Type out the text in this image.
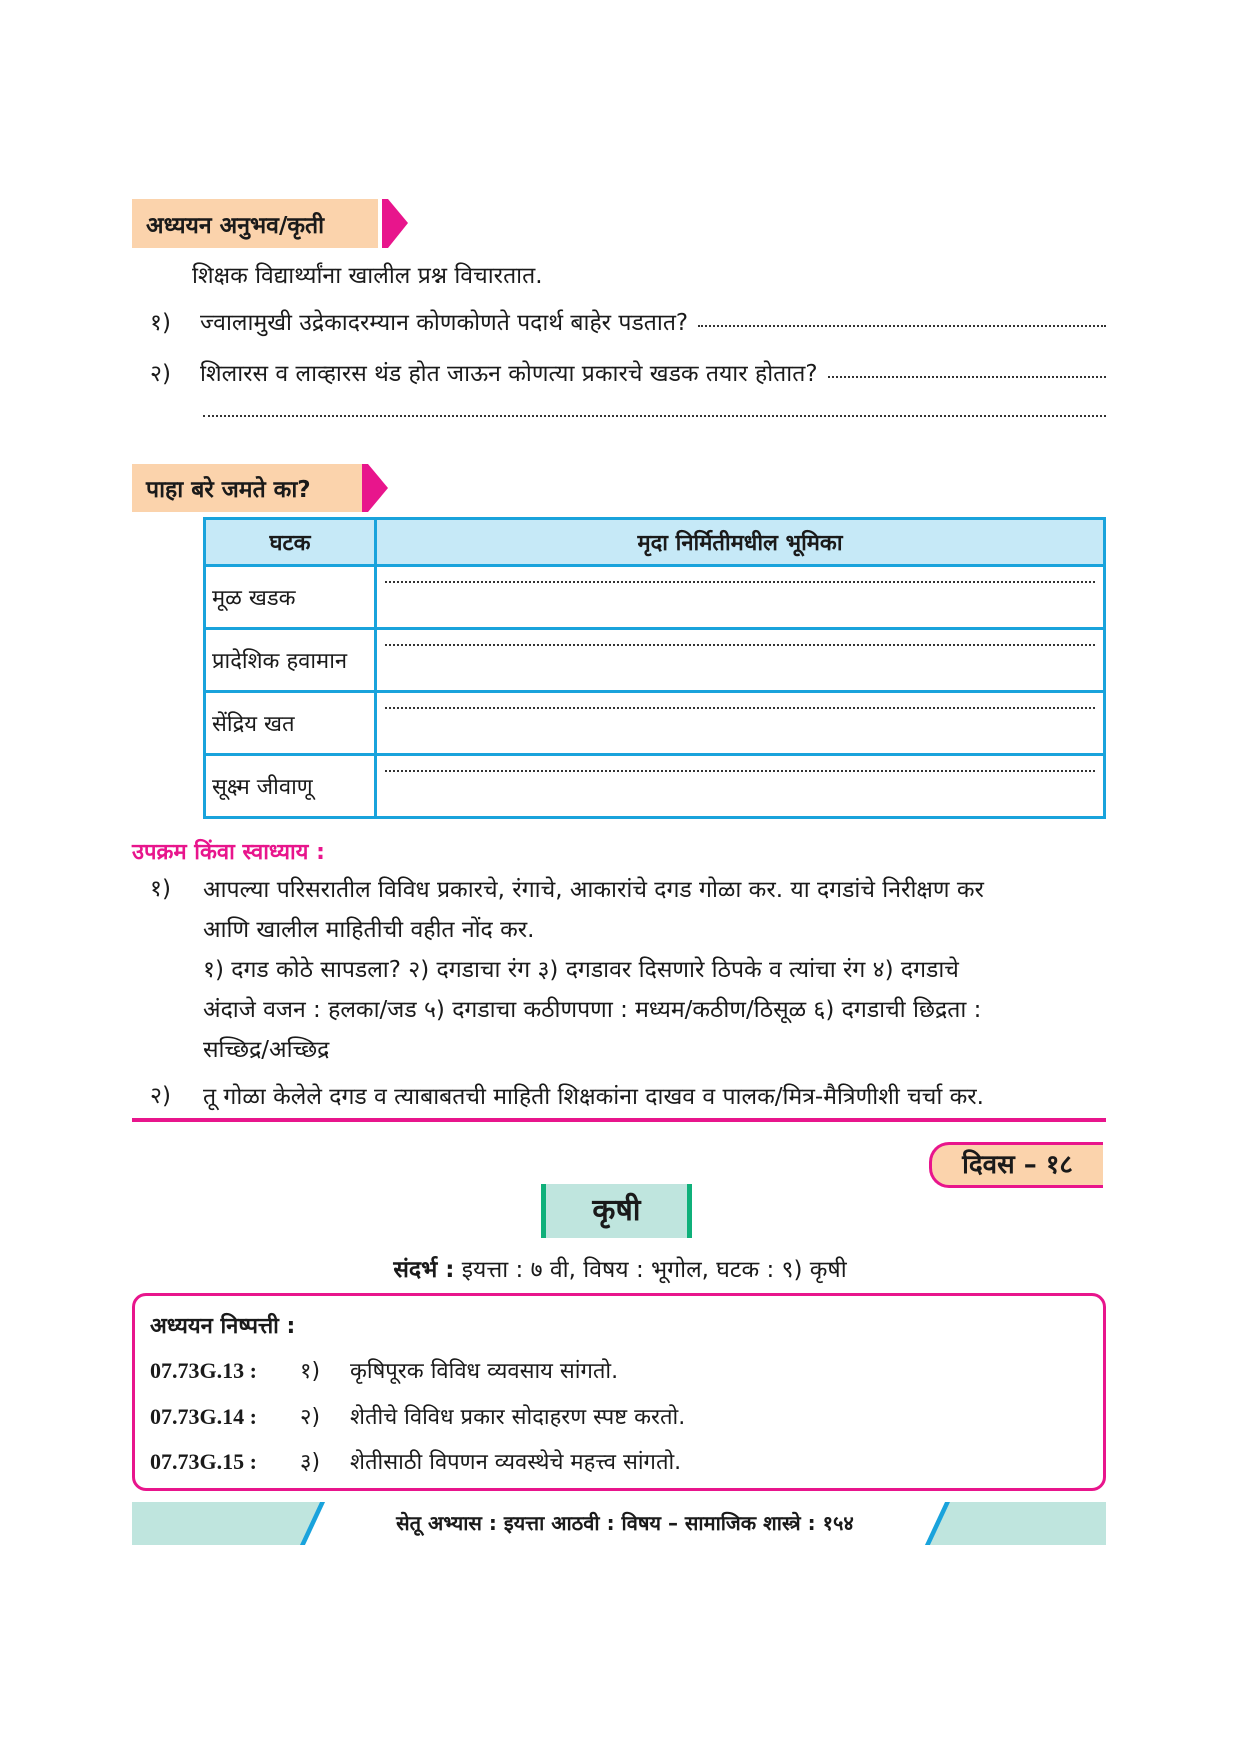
अध्ययन अनुभव/कृती
शिक्षक विद्यार्थ्यांना खालील प्रश्न विचारतात.
१)	ज्वालामुखी उद्रेकादरम्यान कोणकोणते पदार्थ बाहेर पडतात?
२)	शिलारस व लाव्हारस थंड होत जाऊन कोणत्या प्रकारचे खडक तयार होतात?
पाहा बरे जमते का?
घटक	मृदा निर्मितीमधील भूमिका
मूळ खडक	

प्रादेशिक हवामान	

सेंद्रिय खत	

सूक्ष्म जीवाणू	
उपक्रम किंवा स्वाध्याय :
१) आपल्या परिसरातील विविध प्रकारचे, रंगाचे, आकारांचे दगड गोळा कर. या दगडांचे निरीक्षण कर
आणि खालील माहितीची वहीत नोंद कर.
१) दगड कोठे सापडला? २) दगडाचा रंग ३) दगडावर दिसणारे ठिपके व त्यांचा रंग ४) दगडाचे
अंदाजे वजन : हलका/जड ५) दगडाचा कठीणपणा : मध्यम/कठीण/ठिसूळ ६) दगडाची छिद्रता :
सच्छिद्र/अच्छिद्र
२) तू गोळा केलेले दगड व त्याबाबतची माहिती शिक्षकांना दाखव व पालक/मित्र-मैत्रिणीशी चर्चा कर.
दिवस – १८
कृषी
संदर्भ : इयत्ता : ७ वी, विषय : भूगोल, घटक : ९) कृषी
अध्ययन निष्पत्ती :
07.73G.13 : १) कृषिपूरक विविध व्यवसाय सांगतो.
07.73G.14 : २) शेतीचे विविध प्रकार सोदाहरण स्पष्ट करतो.
07.73G.15 : ३) शेतीसाठी विपणन व्यवस्थेचे महत्त्व सांगतो.
सेतू अभ्यास : इयत्ता आठवी : विषय – सामाजिक शास्त्रे : १५४
